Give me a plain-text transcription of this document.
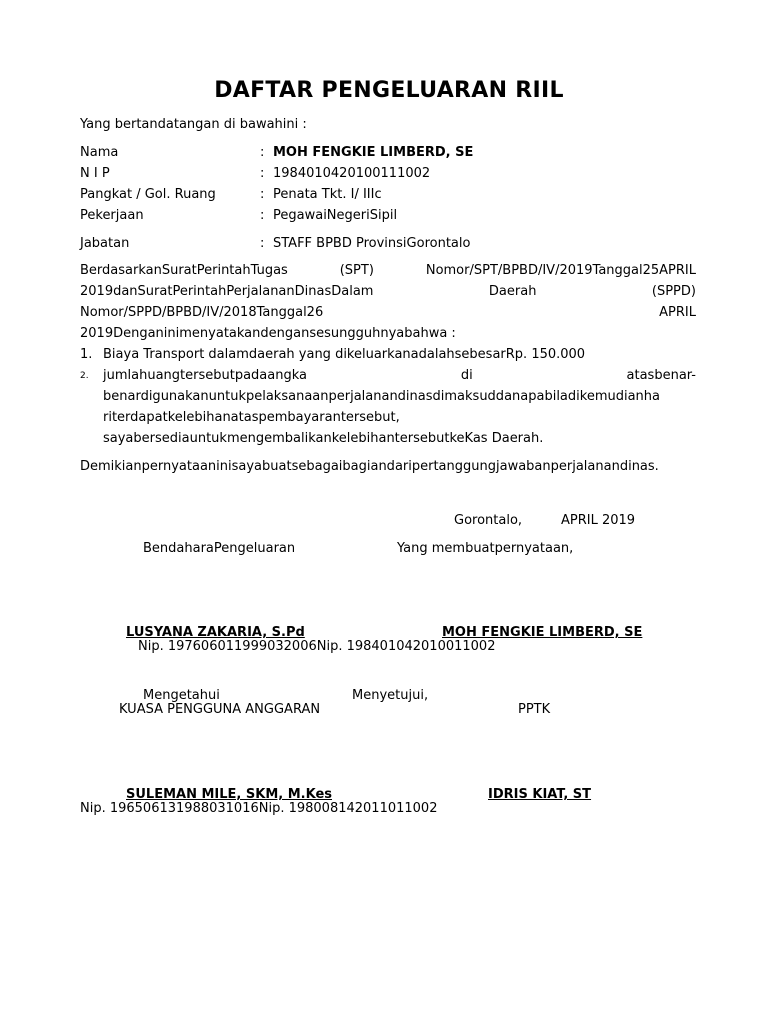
DAFTAR PENGELUARAN RIIL
Yang bertandatangan di bawahini :
Nama	: MOH FENGKIE LIMBERD, SE
N I P	: 198401042010011100​2
Pangkat / Gol. Ruang	: Penata Tkt. I/ IIIc
Pekerjaan	: PegawaiNegeriSipil
Jabatan	: STAFF BPBD ProvinsiGorontalo
BerdasarkanSuratPerintahTugas	(SPT)	Nomor/SPT/BPBD/IV/2019Tanggal25APRIL
2019danSuratPerintahPerjalananDinasDalam	Daerah	(SPPD)
Nomor/SPPD/BPBD/IV/2018Tanggal26	APRIL
2019Denganinimenyatakandengansesungguhnyabahwa :
1. Biaya Transport dalamdaerah yang dikeluarkanadalahsebesarRp. 150.000
2. jumlahuangtersebutpadaangka	di	atasbenar-
benardigunakanuntukpelaksanaanperjalanandinasdimaksuddanapabiladikemudianha
riterdapatkelebihanataspembayarantersebut,
sayabersediauntukmengembalikankelebihantersebutkeKas Daerah.
Demikianpernyataaninisayabuatsebagaibagiandaripertanggungjawabanperjalanandinas.
Gorontalo,	APRIL 2019
BendaharaPengeluaran	Yang membuatpernyataan,
LUSYANA ZAKARIA, S.Pd	MOH FENGKIE LIMBERD, SE
Nip. 197606011999032006Nip. 198401042010011002
Mengetahui	Menyetujui,
KUASA PENGGUNA ANGGARAN	PPTK
SULEMAN MILE, SKM, M.Kes	IDRIS KIAT, ST
Nip. 196506131988031016Nip. 198008142011011002
